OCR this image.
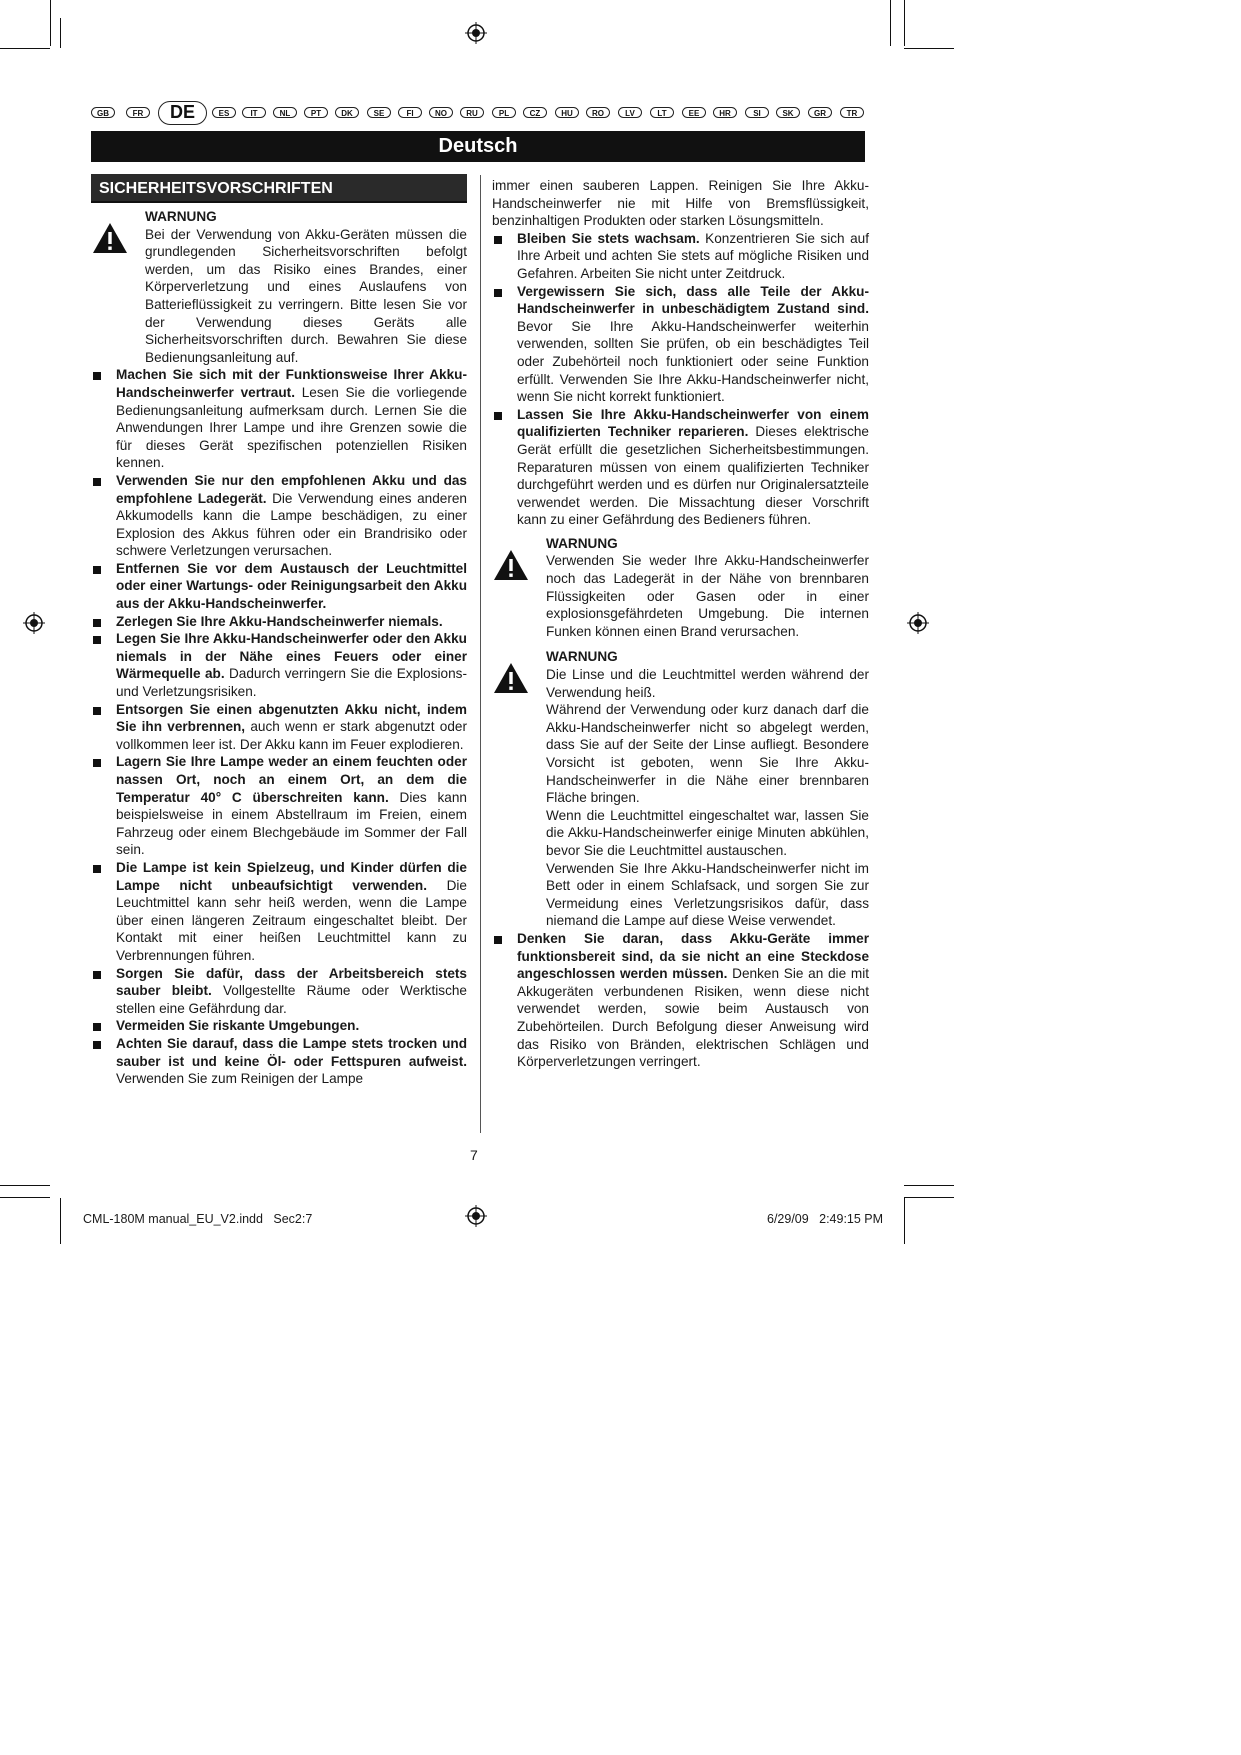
GB	FR	DE	ES	IT	NL	PT	DK	SE	FI	NO	RU	PL	CZ	HU	RO	LV	LT	EE	HR	SI	SK	GR	TR
Deutsch
SICHERHEITSVORSCHRIFTEN
WARNUNG

Bei der Verwendung von Akku-Geräten müssen die grundlegenden Sicherheitsvorschriften befolgt werden, um das Risiko eines Brandes, einer Körperverletzung und eines Auslaufens von Batterieflüssigkeit zu verringern. Bitte lesen Sie vor der Verwendung dieses Geräts alle Sicherheitsvorschriften durch. Bewahren Sie diese Bedienungsanleitung auf.

Machen Sie sich mit der Funktionsweise Ihrer Akku-Handscheinwerfer vertraut. Lesen Sie die vorliegende Bedienungsanleitung aufmerksam durch. Lernen Sie die Anwendungen Ihrer Lampe und ihre Grenzen sowie die für dieses Gerät spezifischen potenziellen Risiken kennen.
Verwenden Sie nur den empfohlenen Akku und das empfohlene Ladegerät. Die Verwendung eines anderen Akkumodells kann die Lampe beschädigen, zu einer Explosion des Akkus führen oder ein Brandrisiko oder schwere Verletzungen verursachen.
Entfernen Sie vor dem Austausch der Leuchtmittel oder einer Wartungs- oder Reinigungsarbeit den Akku aus der Akku-Handscheinwerfer.
Zerlegen Sie Ihre Akku-Handscheinwerfer niemals.
Legen Sie Ihre Akku-Handscheinwerfer oder den Akku niemals in der Nähe eines Feuers oder einer Wärmequelle ab. Dadurch verringern Sie die Explosions- und Verletzungsrisiken.
Entsorgen Sie einen abgenutzten Akku nicht, indem Sie ihn verbrennen, auch wenn er stark abgenutzt oder vollkommen leer ist. Der Akku kann im Feuer explodieren.
Lagern Sie Ihre Lampe weder an einem feuchten oder nassen Ort, noch an einem Ort, an dem die Temperatur 40° C überschreiten kann. Dies kann beispielsweise in einem Abstellraum im Freien, einem Fahrzeug oder einem Blechgebäude im Sommer der Fall sein.
Die Lampe ist kein Spielzeug, und Kinder dürfen die Lampe nicht unbeaufsichtigt verwenden. Die Leuchtmittel kann sehr heiß werden, wenn die Lampe über einen längeren Zeitraum eingeschaltet bleibt. Der Kontakt mit einer heißen Leuchtmittel kann zu Verbrennungen führen.
Sorgen Sie dafür, dass der Arbeitsbereich stets sauber bleibt. Vollgestellte Räume oder Werktische stellen eine Gefährdung dar.
Vermeiden Sie riskante Umgebungen.
Achten Sie darauf, dass die Lampe stets trocken und sauber ist und keine Öl- oder Fettspuren aufweist. Verwenden Sie zum Reinigen der Lampe
immer einen sauberen Lappen. Reinigen Sie Ihre Akku-Handscheinwerfer nie mit Hilfe von Bremsflüssigkeit, benzinhaltigen Produkten oder starken Lösungsmitteln.
Bleiben Sie stets wachsam. Konzentrieren Sie sich auf Ihre Arbeit und achten Sie stets auf mögliche Risiken und Gefahren. Arbeiten Sie nicht unter Zeitdruck.
Vergewissern Sie sich, dass alle Teile der Akku-Handscheinwerfer in unbeschädigtem Zustand sind. Bevor Sie Ihre Akku-Handscheinwerfer weiterhin verwenden, sollten Sie prüfen, ob ein beschädigtes Teil oder Zubehörteil noch funktioniert oder seine Funktion erfüllt. Verwenden Sie Ihre Akku-Handscheinwerfer nicht, wenn Sie nicht korrekt funktioniert.
Lassen Sie Ihre Akku-Handscheinwerfer von einem qualifizierten Techniker reparieren. Dieses elektrische Gerät erfüllt die gesetzlichen Sicherheitsbestimmungen. Reparaturen müssen von einem qualifizierten Techniker durchgeführt werden und es dürfen nur Originalersatzteile verwendet werden. Die Missachtung dieser Vorschrift kann zu einer Gefährdung des Bedieners führen.
WARNUNG

Verwenden Sie weder Ihre Akku-Handscheinwerfer noch das Ladegerät in der Nähe von brennbaren Flüssigkeiten oder Gasen oder in einer explosionsgefährdeten Umgebung. Die internen Funken können einen Brand verursachen.

WARNUNG

Die Linse und die Leuchtmittel werden während der Verwendung heiß.

Während der Verwendung oder kurz danach darf die Akku-Handscheinwerfer nicht so abgelegt werden, dass Sie auf der Seite der Linse aufliegt. Besondere Vorsicht ist geboten, wenn Sie Ihre Akku-Handscheinwerfer in die Nähe einer brennbaren Fläche bringen.

Wenn die Leuchtmittel eingeschaltet war, lassen Sie die Akku-Handscheinwerfer einige Minuten abkühlen, bevor Sie die Leuchtmittel austauschen.

Verwenden Sie Ihre Akku-Handscheinwerfer nicht im Bett oder in einem Schlafsack, und sorgen Sie zur Vermeidung eines Verletzungsrisikos dafür, dass niemand die Lampe auf diese Weise verwendet.

Denken Sie daran, dass Akku-Geräte immer funktionsbereit sind, da sie nicht an eine Steckdose angeschlossen werden müssen. Denken Sie an die mit Akkugeräten verbundenen Risiken, wenn diese nicht verwendet werden, sowie beim Austausch von Zubehörteilen. Durch Befolgung dieser Anweisung wird das Risiko von Bränden, elektrischen Schlägen und Körperverletzungen verringert.
7
CML-180M manual_EU_V2.indd   Sec2:7	6/29/09   2:49:15 PM
